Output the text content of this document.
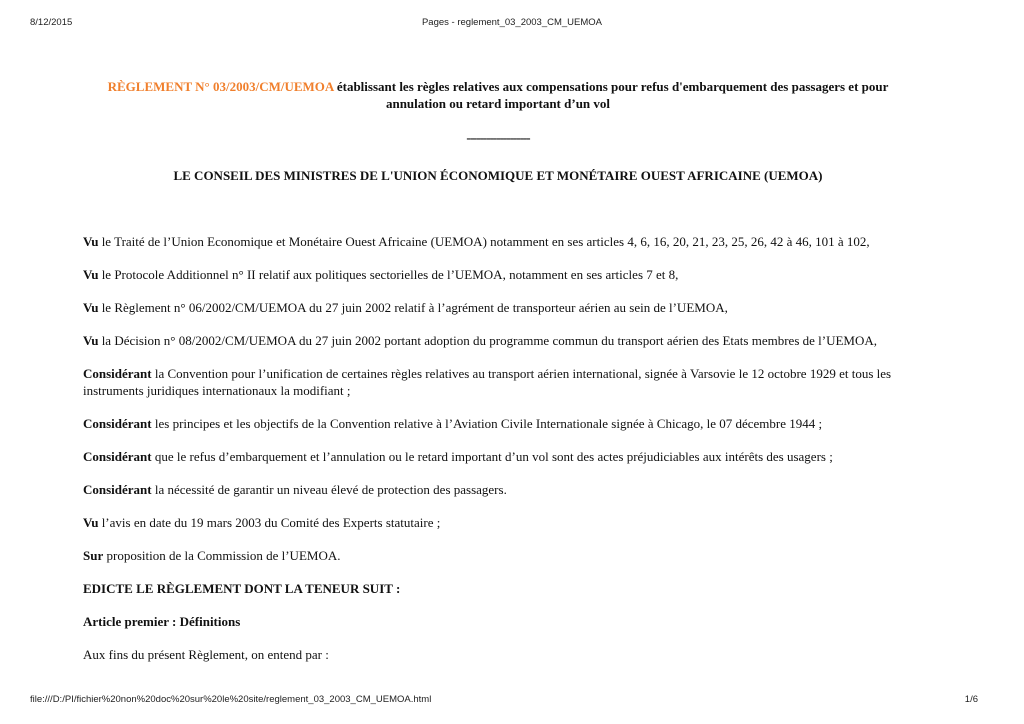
8/12/2015	Pages - reglement_03_2003_CM_UEMOA

RÈGLEMENT N° 03/2003/CM/UEMOA établissant les règles relatives aux compensations pour refus d'embarquement des passagers et pour annulation ou retard important d’un vol

-------------------

LE CONSEIL DES MINISTRES DE L'UNION ÉCONOMIQUE ET MONÉTAIRE OUEST AFRICAINE (UEMOA)

Vu le Traité de l’Union Economique et Monétaire Ouest Africaine (UEMOA) notamment en ses articles 4, 6, 16, 20, 21, 23, 25, 26, 42 à 46, 101 à 102,

Vu le Protocole Additionnel n° II relatif aux politiques sectorielles de l’UEMOA, notamment en ses articles 7 et 8,

Vu le Règlement n° 06/2002/CM/UEMOA du 27 juin 2002 relatif à l’agrément de transporteur aérien au sein de l’UEMOA,

Vu la Décision n° 08/2002/CM/UEMOA du 27 juin 2002 portant adoption du programme commun du transport aérien des Etats membres de l’UEMOA,

Considérant la Convention pour l’unification de certaines règles relatives au transport aérien international, signée à Varsovie le 12 octobre 1929 et tous les instruments juridiques internationaux la modifiant ;

Considérant les principes et les objectifs de la Convention relative à l’Aviation Civile Internationale signée à Chicago, le 07 décembre 1944 ;

Considérant que le refus d’embarquement et l’annulation ou le retard important d’un vol sont des actes préjudiciables aux intérêts des usagers ;

Considérant la nécessité de garantir un niveau élevé de protection des passagers.

Vu l’avis en date du 19 mars 2003 du Comité des Experts statutaire ;

Sur proposition de la Commission de l’UEMOA.

EDICTE LE RÈGLEMENT DONT LA TENEUR SUIT :

Article premier : Définitions

Aux fins du présent Règlement, on entend par :

file:///D:/PI/fichier%20non%20doc%20sur%20le%20site/reglement_03_2003_CM_UEMOA.html	1/6
